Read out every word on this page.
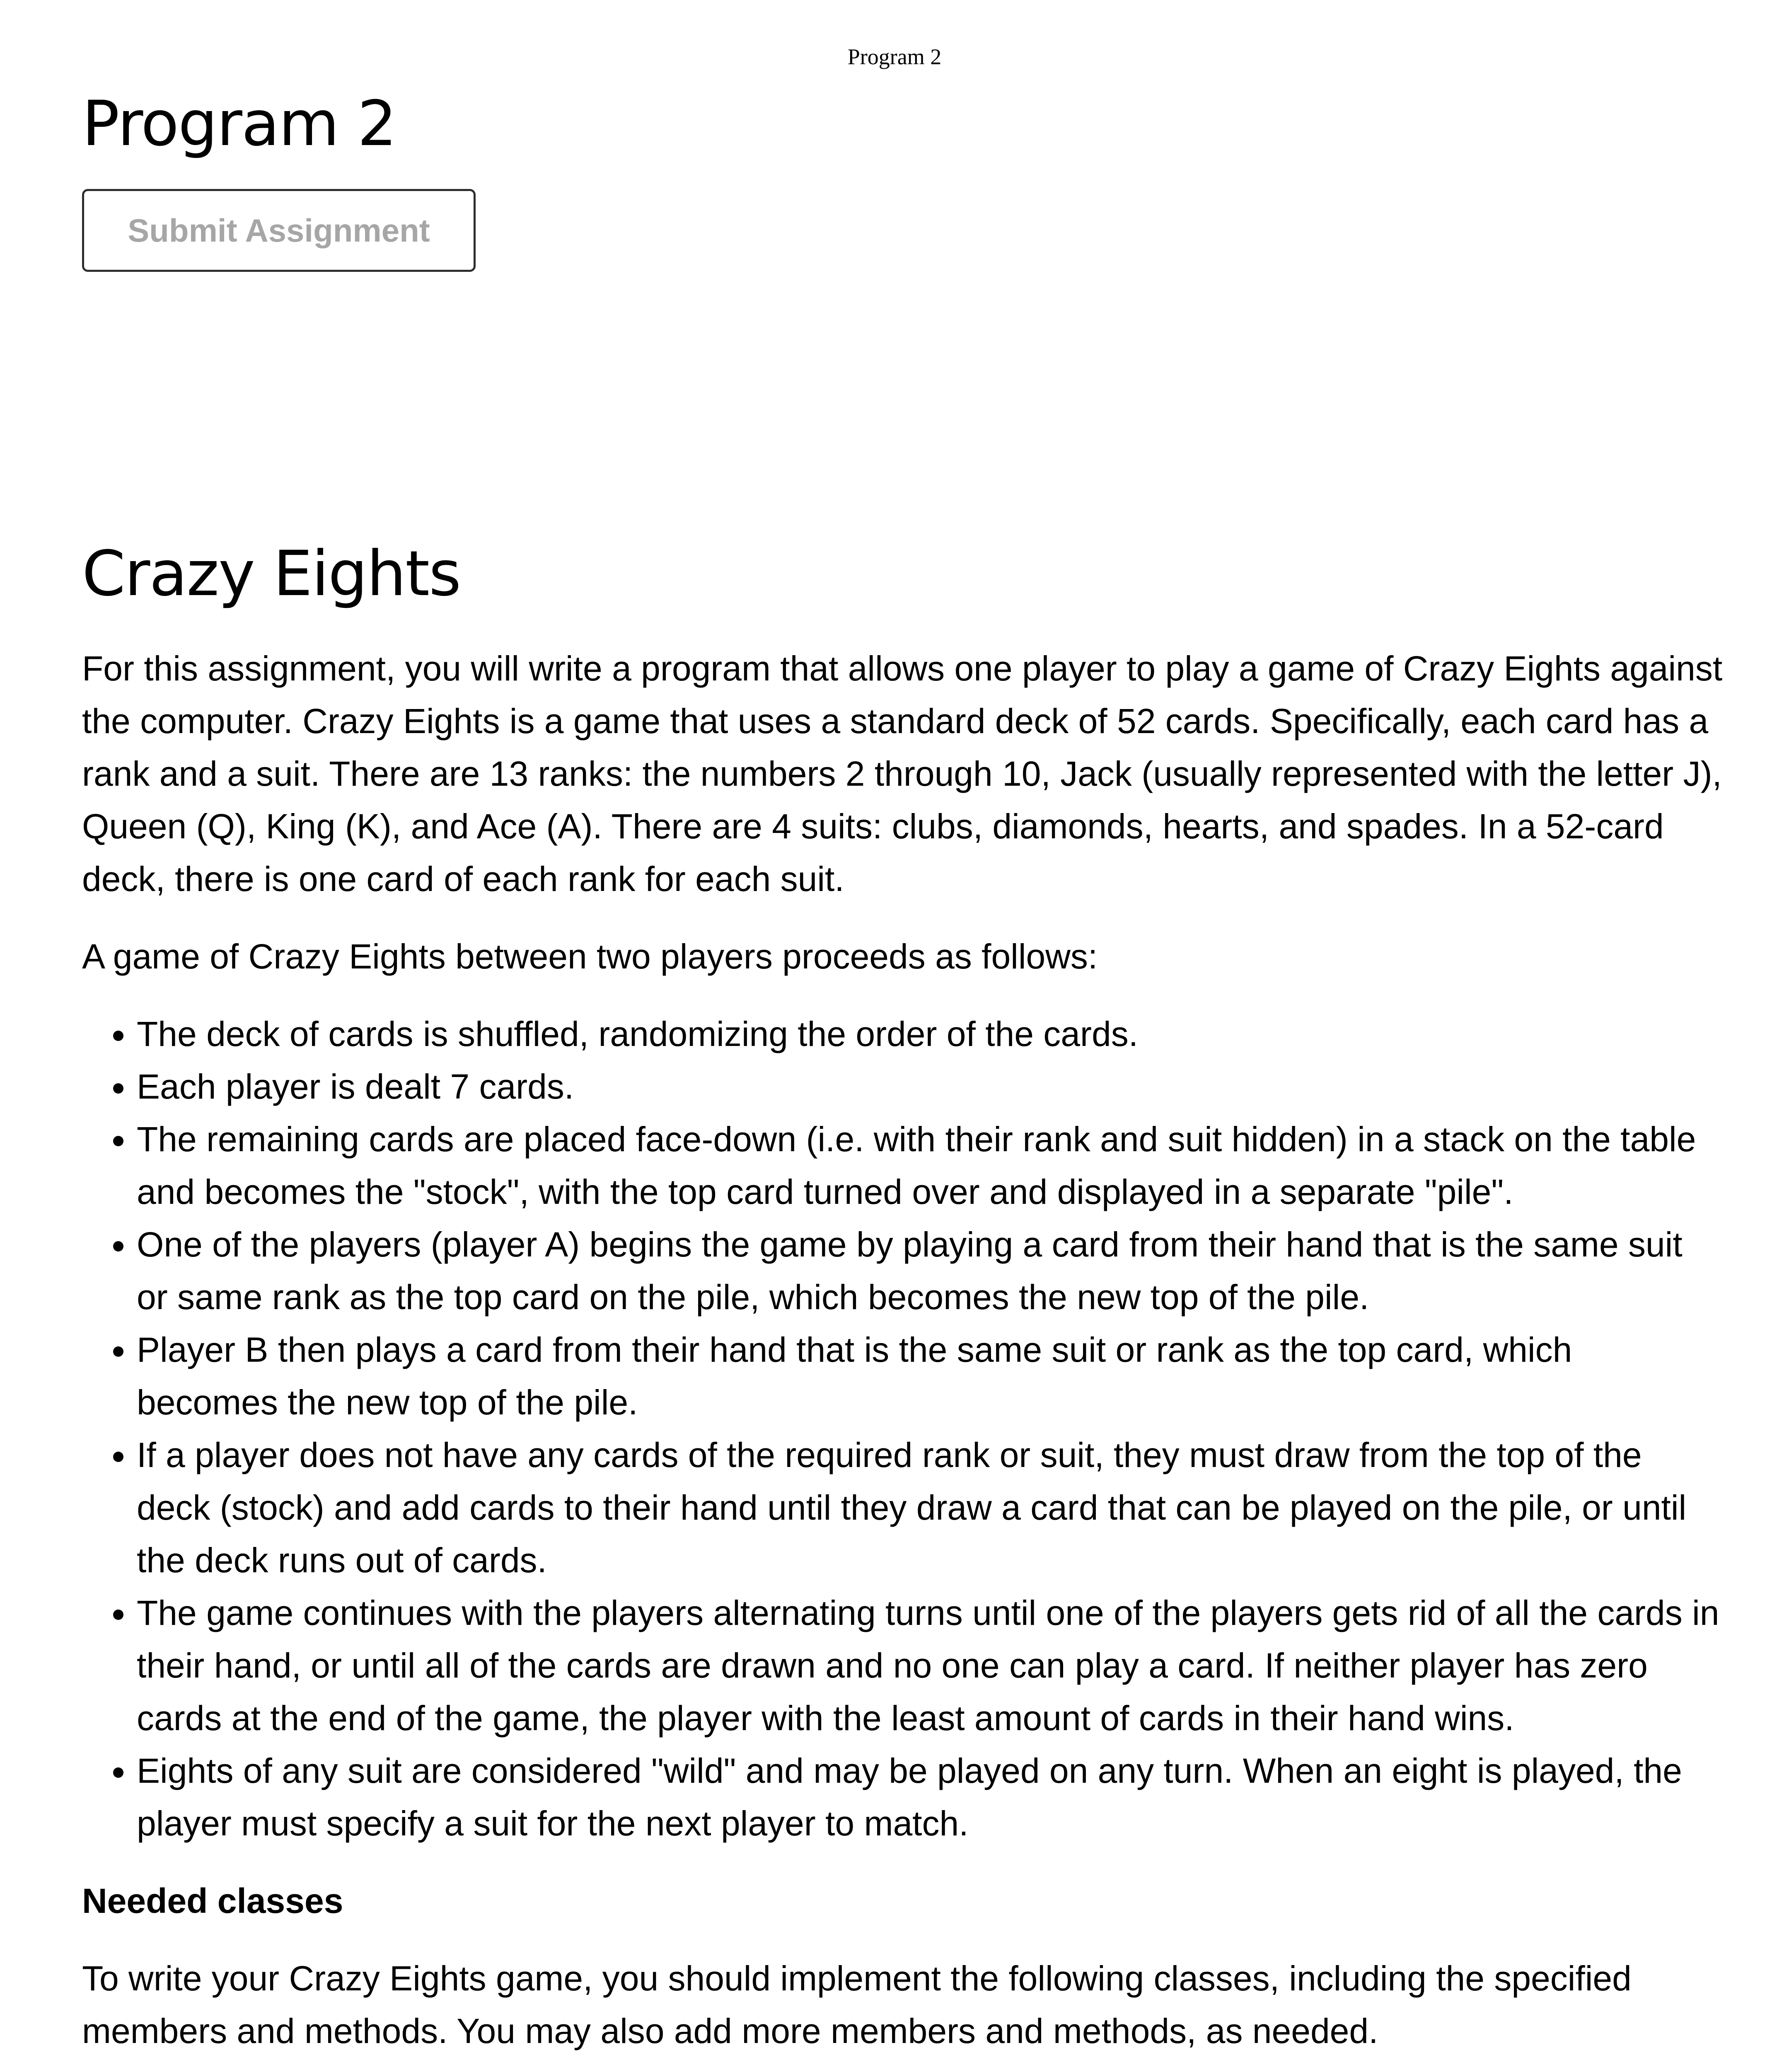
Program 2
Program 2
Submit Assignment
Crazy Eights

For this assignment, you will write a program that allows one player to play a game of Crazy Eights against the computer. Crazy Eights is a game that uses a standard deck of 52 cards. Specifically, each card has a rank and a suit. There are 13 ranks: the numbers 2 through 10, Jack (usually represented with the letter J), Queen (Q), King (K), and Ace (A). There are 4 suits: clubs, diamonds, hearts, and spades. In a 52-card deck, there is one card of each rank for each suit.

A game of Crazy Eights between two players proceeds as follows:

• The deck of cards is shuffled, randomizing the order of the cards.
• Each player is dealt 7 cards.
• The remaining cards are placed face-down (i.e. with their rank and suit hidden) in a stack on the table and becomes the "stock", with the top card turned over and displayed in a separate "pile".
• One of the players (player A) begins the game by playing a card from their hand that is the same suit or same rank as the top card on the pile, which becomes the new top of the pile.
• Player B then plays a card from their hand that is the same suit or rank as the top card, which becomes the new top of the pile.
• If a player does not have any cards of the required rank or suit, they must draw from the top of the deck (stock) and add cards to their hand until they draw a card that can be played on the pile, or until the deck runs out of cards.
• The game continues with the players alternating turns until one of the players gets rid of all the cards in their hand, or until all of the cards are drawn and no one can play a card. If neither player has zero cards at the end of the game, the player with the least amount of cards in their hand wins.
• Eights of any suit are considered "wild" and may be played on any turn. When an eight is played, the player must specify a suit for the next player to match.

Needed classes

To write your Crazy Eights game, you should implement the following classes, including the specified members and methods. You may also add more members and methods, as needed.
